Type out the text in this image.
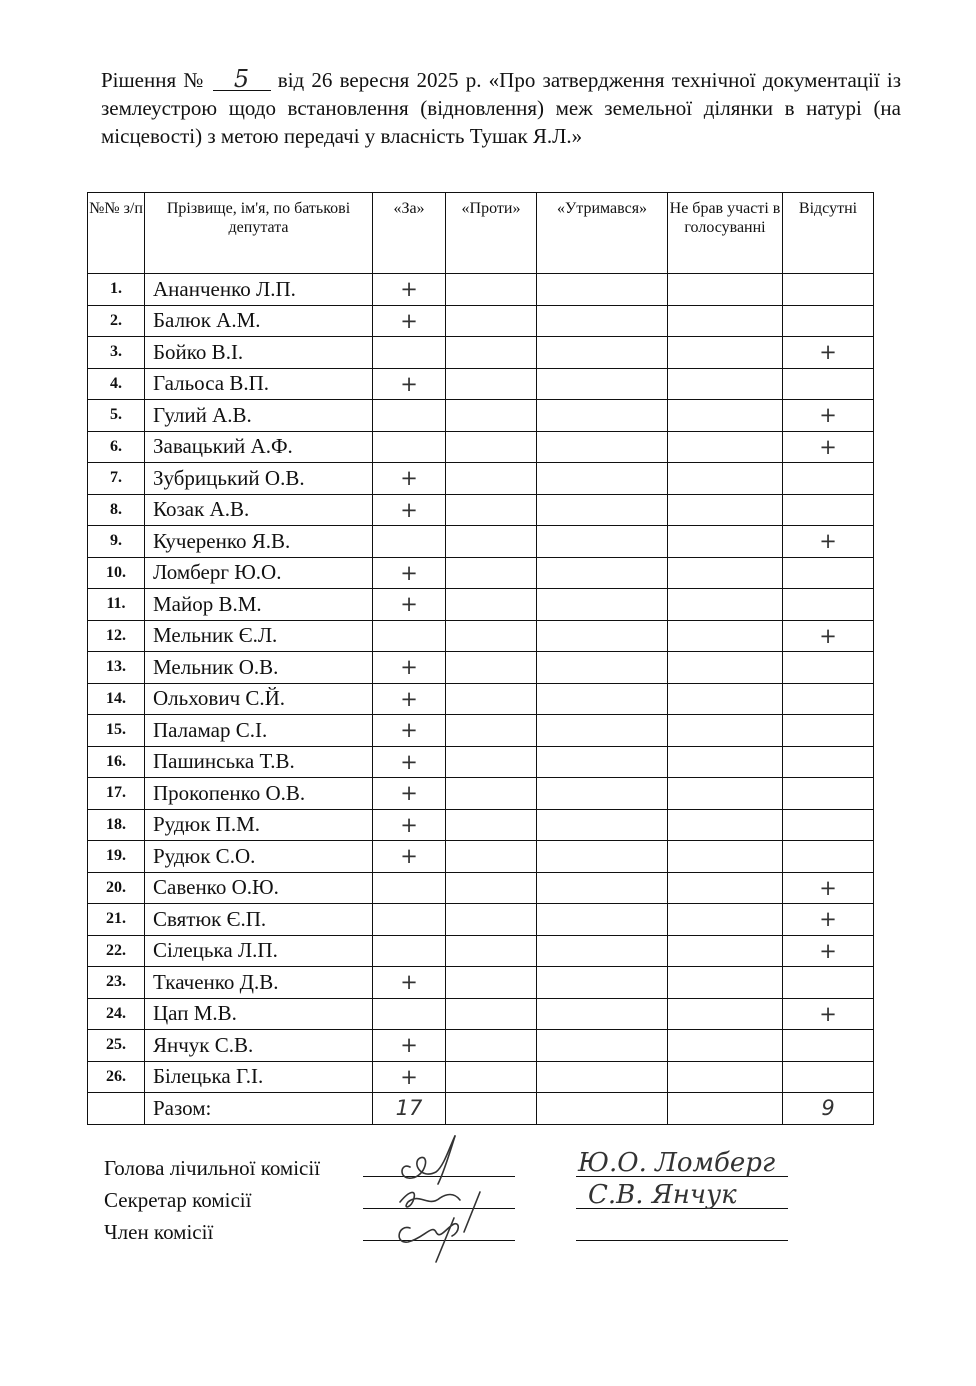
Рішення № 5 від 26 вересня 2025 р. «Про затвердження технічної документації із землеустрою щодо встановлення (відновлення) меж земельної ділянки в натурі (на місцевості) з метою передачі у власність Тушак Я.Л.»
№№ з/п	Прізвище, ім'я, по батькові депутата	«За»	«Проти»	«Утримався»	Не брав участі в голосуванні	Відсутні
1.	Ананченко Л.П.	+				
2.	Балюк А.М.	+				
3.	Бойко В.І.					+
4.	Гальоса В.П.	+				
5.	Гулий А.В.					+
6.	Завацький А.Ф.					+
7.	Зубрицький О.В.	+				
8.	Козак А.В.	+				
9.	Кучеренко Я.В.					+
10.	Ломберг Ю.О.	+				
11.	Майор В.М.	+				
12.	Мельник Є.Л.					+
13.	Мельник О.В.	+				
14.	Ольхович С.Й.	+				
15.	Паламар С.І.	+				
16.	Пашинська Т.В.	+				
17.	Прокопенко О.В.	+				
18.	Рудюк П.М.	+				
19.	Рудюк С.О.	+				
20.	Савенко О.Ю.					+
21.	Святюк Є.П.					+
22.	Сілецька Л.П.					+
23.	Ткаченко Д.В.	+				
24.	Цап М.В.					+
25.	Янчук С.В.	+				
26.	Білецька Г.І.	+				
	Разом:	17				9
Голова лічильної комісії
Секретар комісії
Член комісії
Ю.О. Ломберг
С.В. Янчук
